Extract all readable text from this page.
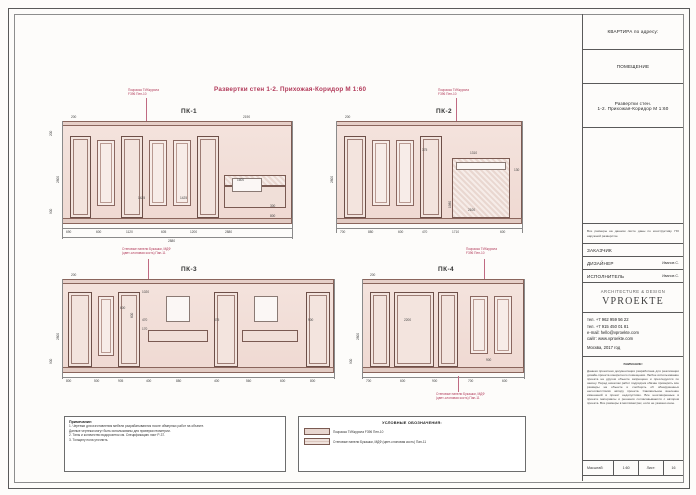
Развертки стен 1-2. Прихожая-Коридор М 1:60
ПК-1
Покраска ТИКкурила
F396 Пен-10
200	2190
1600
1425	1425
300
800
2800
200
900
690	600	1120	605	1200	2880
2880
ПК-2
Покраска ТИКкурила
F396 Пен-10
200
375
1310
130
2100
2800
1980
700	880	600	470	1710	600
ПК-3
Стеновые панели Букашки, МДФ
(цвет-слоновая кость) Пан-11
200
1020
600
470
170
475	900
2800
900
600
800	500	905	400	880	400	560	600	800
ПК-4
Покраска ТИКкурила
F396 Пен-10
200
2200
900
2800
900
700	600	900	700	600
Стеновые панели Букашки, МДФ
(цвет-слоновая кость) Пан-11
Примечание:
1. Чертежи для изготовления мебели разрабатываются после обмерных работ на объекте.
Данные чертежи могут быть использованы для проверки геометрии.
2. Типы и количество водорозеток см. Спецификацию лист Р-37.
3. Толщину пола уточнить.
УСЛОВНЫЕ ОБОЗНАЧЕНИЯ:
Покраска ТИКкурила F396 Пен-10
Стеновые панели Букашки, МДФ (цвет-слоновая кость) Пан-11
КВАРТИРА по адресу:
ПОМЕЩЕНИЕ
Развертки стен.
1-2. Прихожая-Коридор М 1:60
Все размеры на данном листе даны по конструктиву. ПО наружной разверстке
ЗАКАЗЧИК
ДИЗАЙНЕР	Иванов С.
ИСПОЛНИТЕЛЬ	Иванов С.
ARCHITECTURE & DESIGN
VPROEKTE
тел. +7 962 959 56 22
тел. +7 915 450 01 81
e-mail: hello@vproekte.com
сайт: www.vproekte.com
Москва, 2017 год
ВНИМАНИЕ!
Данная проектная документация разработана для реализации дизайн-проекта конкретного помещения. Любое использование проекта на другом объекте запрещено и преследуется по закону. Перед началом работ подрядчик обязан проверить все размеры на объекте и сообщить об обнаруженных несоответствиях автору проекта. Самовольное внесение изменений в проект недопустимо. Все неоговоренные в проекте материалы и решения согласовываются с автором проекта. Все размеры в миллиметрах, если не указано иное.
Масштаб:	1:60	Лист:	16
